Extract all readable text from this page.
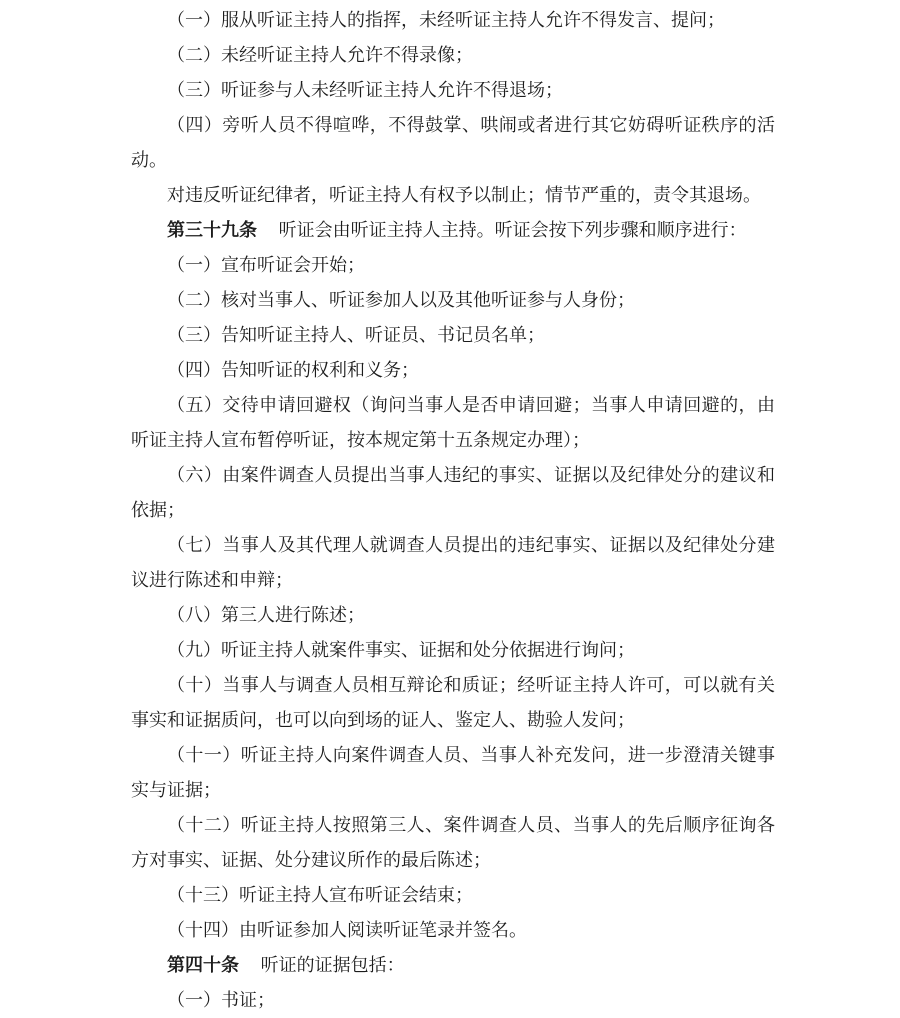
（一）服从听证主持人的指挥，未经听证主持人允许不得发言、提问；

（二）未经听证主持人允许不得录像；

（三）听证参与人未经听证主持人允许不得退场；

（四）旁听人员不得喧哗，不得鼓掌、哄闹或者进行其它妨碍听证秩序的活动。

对违反听证纪律者，听证主持人有权予以制止；情节严重的，责令其退场。

第三十九条 听证会由听证主持人主持。听证会按下列步骤和顺序进行：

（一）宣布听证会开始；

（二）核对当事人、听证参加人以及其他听证参与人身份；

（三）告知听证主持人、听证员、书记员名单；

（四）告知听证的权利和义务；

（五）交待申请回避权（询问当事人是否申请回避；当事人申请回避的，由听证主持人宣布暂停听证，按本规定第十五条规定办理）；

（六）由案件调查人员提出当事人违纪的事实、证据以及纪律处分的建议和依据；

（七）当事人及其代理人就调查人员提出的违纪事实、证据以及纪律处分建议进行陈述和申辩；

（八）第三人进行陈述；

（九）听证主持人就案件事实、证据和处分依据进行询问；

（十）当事人与调查人员相互辩论和质证；经听证主持人许可，可以就有关事实和证据质问，也可以向到场的证人、鉴定人、勘验人发问；

（十一）听证主持人向案件调查人员、当事人补充发问，进一步澄清关键事实与证据；

（十二）听证主持人按照第三人、案件调查人员、当事人的先后顺序征询各方对事实、证据、处分建议所作的最后陈述；

（十三）听证主持人宣布听证会结束；

（十四）由听证参加人阅读听证笔录并签名。

第四十条 听证的证据包括：

（一）书证；
